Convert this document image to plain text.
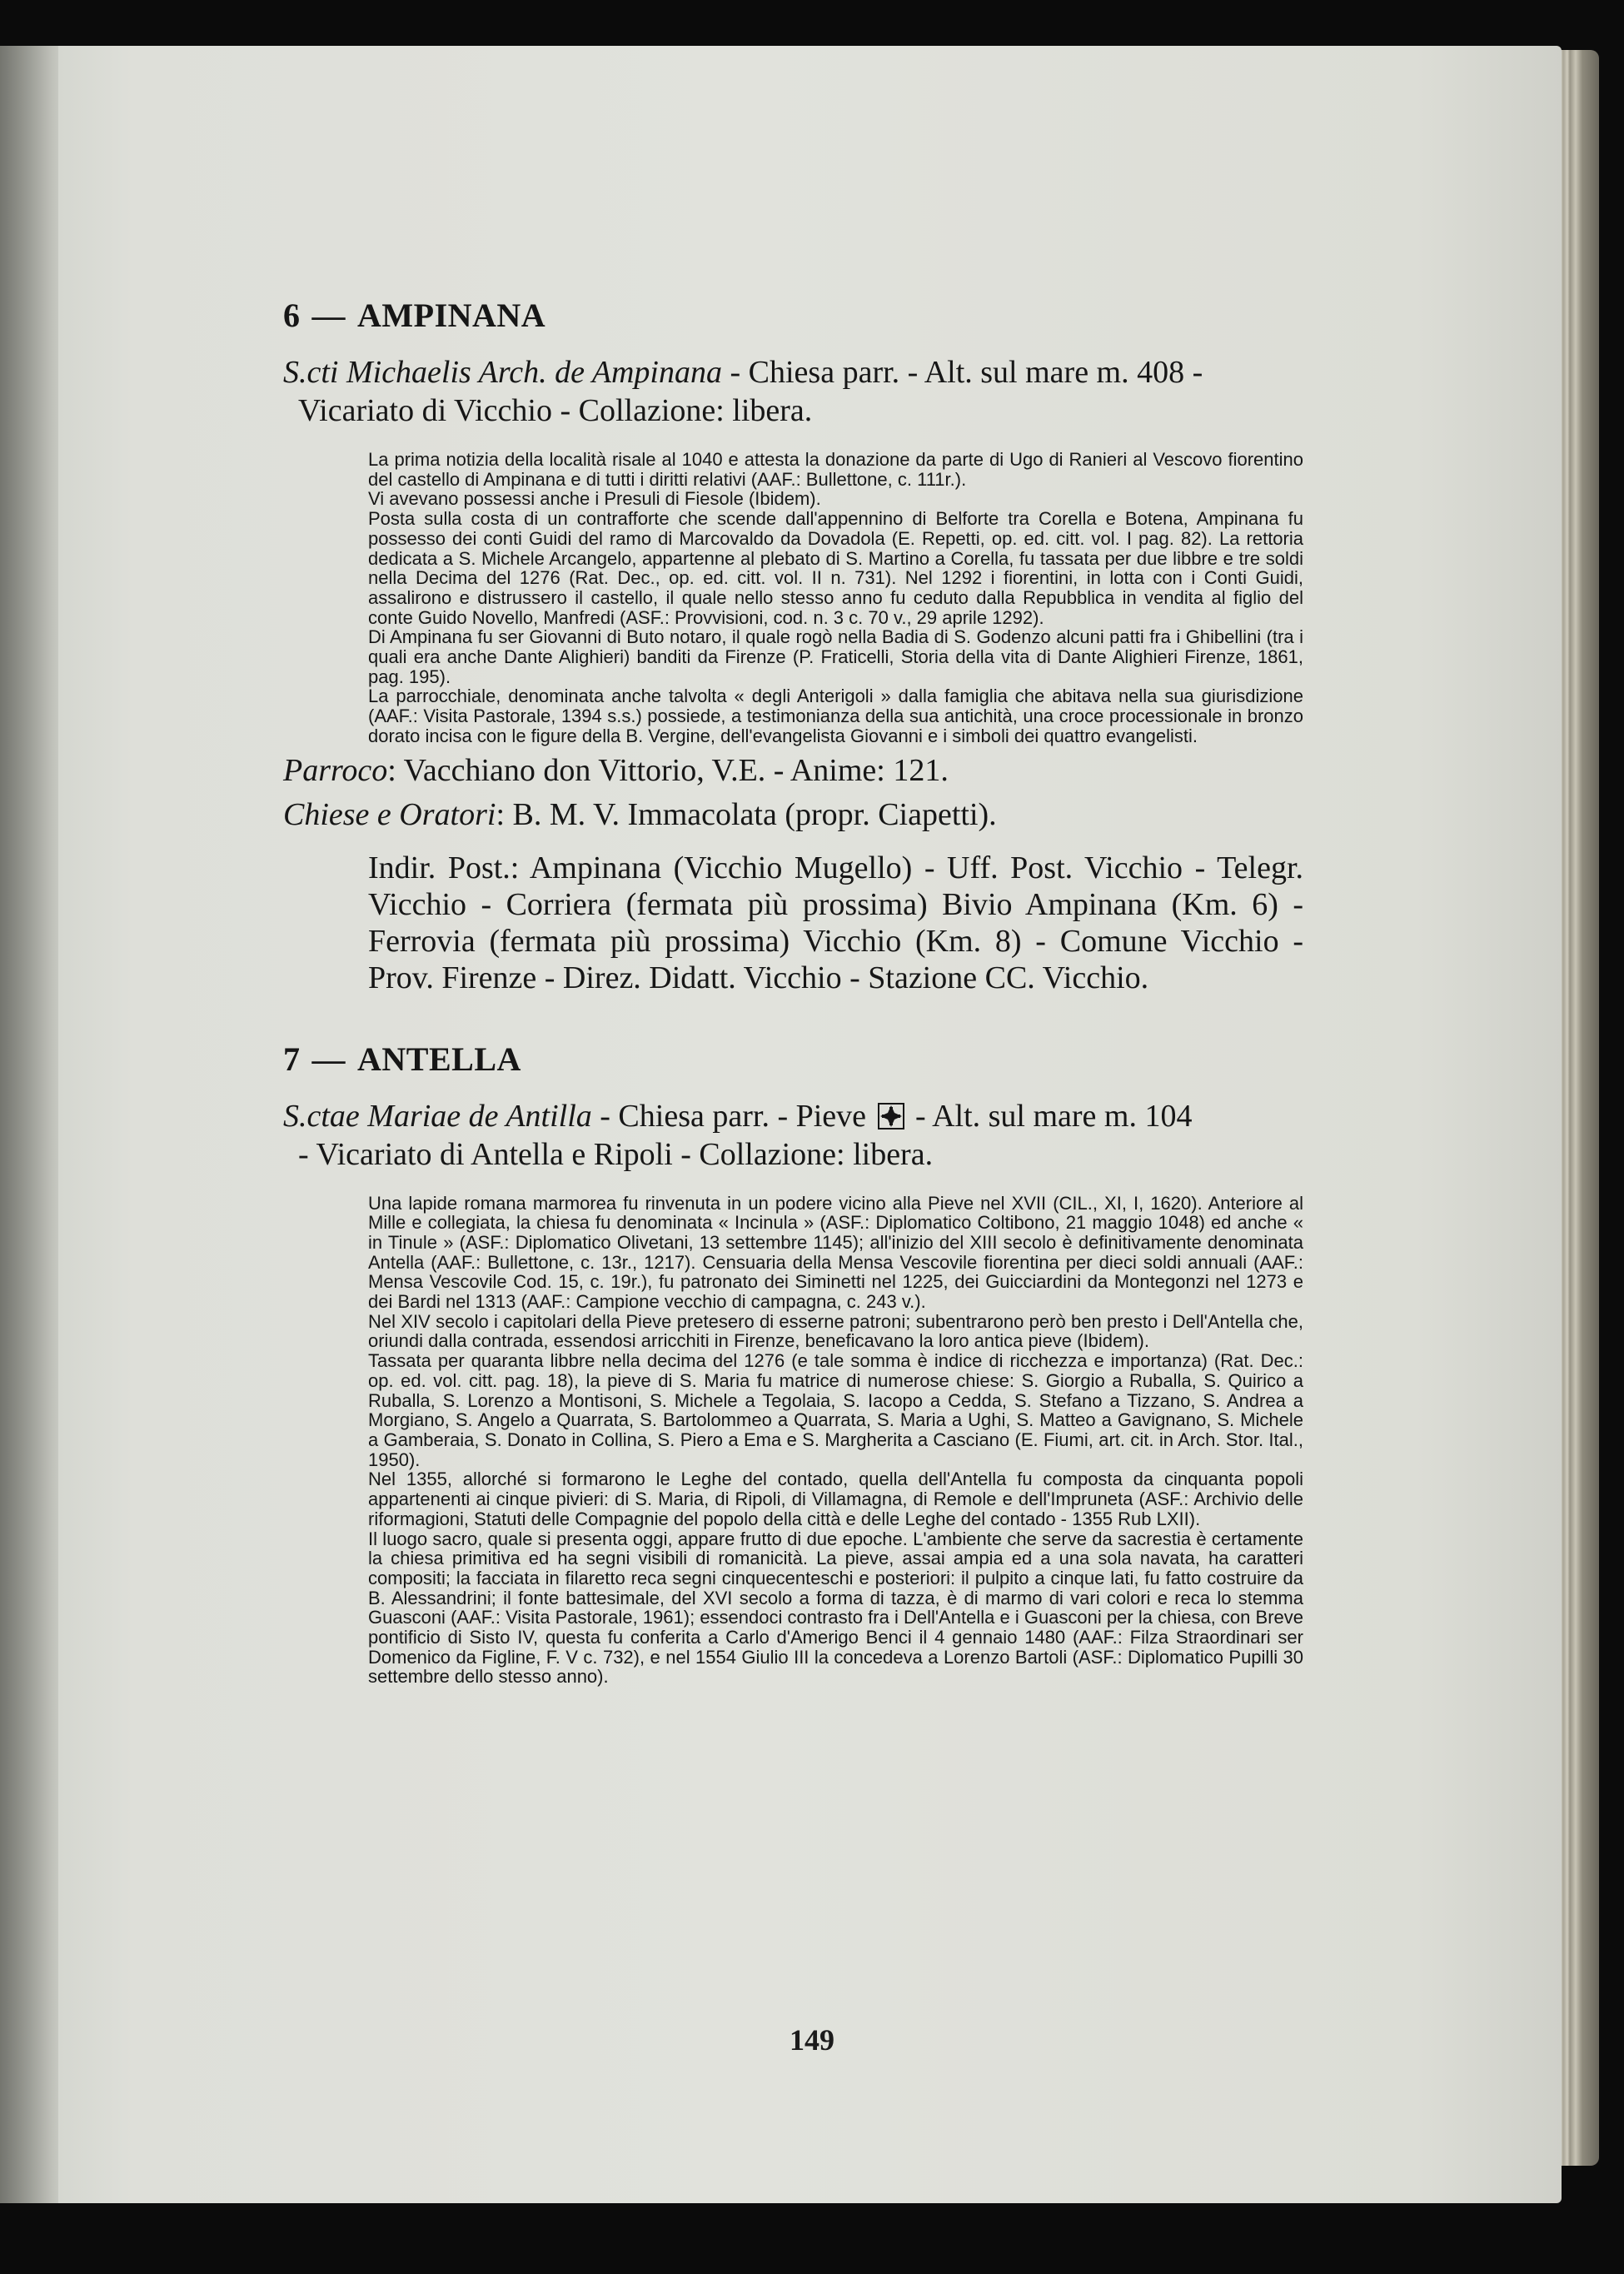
6 — AMPINANA
S.cti Michaelis Arch. de Ampinana - Chiesa parr. - Alt. sul mare m. 408 -
Vicariato di Vicchio - Collazione: libera.

La prima notizia della località risale al 1040 e attesta la donazione da parte di Ugo di Ranieri al Vescovo fiorentino del castello di Ampinana e di tutti i diritti relativi (AAF.: Bullettone, c. 111r.).

Vi avevano possessi anche i Presuli di Fiesole (Ibidem).

Posta sulla costa di un contrafforte che scende dall'appennino di Belforte tra Corella e Botena, Ampinana fu possesso dei conti Guidi del ramo di Marcovaldo da Dovadola (E. Repetti, op. ed. citt. vol. I pag. 82). La rettoria dedicata a S. Michele Arcangelo, appartenne al plebato di S. Martino a Corella, fu tassata per due libbre e tre soldi nella Decima del 1276 (Rat. Dec., op. ed. citt. vol. II n. 731). Nel 1292 i fiorentini, in lotta con i Conti Guidi, assalirono e distrussero il castello, il quale nello stesso anno fu ceduto dalla Repubblica in vendita al figlio del conte Guido Novello, Manfredi (ASF.: Provvisioni, cod. n. 3 c. 70 v., 29 aprile 1292).

Di Ampinana fu ser Giovanni di Buto notaro, il quale rogò nella Badia di S. Godenzo alcuni patti fra i Ghibellini (tra i quali era anche Dante Alighieri) banditi da Firenze (P. Fraticelli, Storia della vita di Dante Alighieri Firenze, 1861, pag. 195).

La parrocchiale, denominata anche talvolta « degli Anterigoli » dalla famiglia che abitava nella sua giurisdizione (AAF.: Visita Pastorale, 1394 s.s.) possiede, a testimonianza della sua antichità, una croce processionale in bronzo dorato incisa con le figure della B. Vergine, dell'evangelista Giovanni e i simboli dei quattro evangelisti.

Parroco: Vacchiano don Vittorio, V.E. - Anime: 121.
Chiese e Oratori: B. M. V. Immacolata (propr. Ciapetti).
Indir. Post.: Ampinana (Vicchio Mugello) - Uff. Post. Vicchio - Telegr. Vicchio - Corriera (fermata più prossima) Bivio Ampinana (Km. 6) - Ferrovia (fermata più prossima) Vicchio (Km. 8) - Comune Vicchio - Prov. Firenze - Direz. Didatt. Vicchio - Stazione CC. Vicchio.
7 — ANTELLA
S.ctae Mariae de Antilla - Chiesa parr. - Pieve  - Alt. sul mare m. 104
- Vicariato di Antella e Ripoli - Collazione: libera.

Una lapide romana marmorea fu rinvenuta in un podere vicino alla Pieve nel XVII (CIL., XI, I, 1620). Anteriore al Mille e collegiata, la chiesa fu denominata « Incinula » (ASF.: Diplomatico Coltibono, 21 maggio 1048) ed anche « in Tinule » (ASF.: Diplomatico Olivetani, 13 settembre 1145); all'inizio del XIII secolo è definitivamente denominata Antella (AAF.: Bullettone, c. 13r., 1217). Censuaria della Mensa Vescovile fiorentina per dieci soldi annuali (AAF.: Mensa Vescovile Cod. 15, c. 19r.), fu patronato dei Siminetti nel 1225, dei Guicciardini da Montegonzi nel 1273 e dei Bardi nel 1313 (AAF.: Campione vecchio di campagna, c. 243 v.).

Nel XIV secolo i capitolari della Pieve pretesero di esserne patroni; subentrarono però ben presto i Dell'Antella che, oriundi dalla contrada, essendosi arricchiti in Firenze, beneficavano la loro antica pieve (Ibidem).

Tassata per quaranta libbre nella decima del 1276 (e tale somma è indice di ricchezza e importanza) (Rat. Dec.: op. ed. vol. citt. pag. 18), la pieve di S. Maria fu matrice di numerose chiese: S. Giorgio a Ruballa, S. Quirico a Ruballa, S. Lorenzo a Montisoni, S. Michele a Tegolaia, S. Iacopo a Cedda, S. Stefano a Tizzano, S. Andrea a Morgiano, S. Angelo a Quarrata, S. Bartolommeo a Quarrata, S. Maria a Ughi, S. Matteo a Gavignano, S. Michele a Gamberaia, S. Donato in Collina, S. Piero a Ema e S. Margherita a Casciano (E. Fiumi, art. cit. in Arch. Stor. Ital., 1950).

Nel 1355, allorché si formarono le Leghe del contado, quella dell'Antella fu composta da cinquanta popoli appartenenti ai cinque pivieri: di S. Maria, di Ripoli, di Villamagna, di Remole e dell'Impruneta (ASF.: Archivio delle riformagioni, Statuti delle Compagnie del popolo della città e delle Leghe del contado - 1355 Rub LXII).

Il luogo sacro, quale si presenta oggi, appare frutto di due epoche. L'ambiente che serve da sacrestia è certamente la chiesa primitiva ed ha segni visibili di romanicità. La pieve, assai ampia ed a una sola navata, ha caratteri compositi; la facciata in filaretto reca segni cinquecenteschi e posteriori: il pulpito a cinque lati, fu fatto costruire da B. Alessandrini; il fonte battesimale, del XVI secolo a forma di tazza, è di marmo di vari colori e reca lo stemma Guasconi (AAF.: Visita Pastorale, 1961); essendoci contrasto fra i Dell'Antella e i Guasconi per la chiesa, con Breve pontificio di Sisto IV, questa fu conferita a Carlo d'Amerigo Benci il 4 gennaio 1480 (AAF.: Filza Straordinari ser Domenico da Figline, F. V c. 732), e nel 1554 Giulio III la concedeva a Lorenzo Bartoli (ASF.: Diplomatico Pupilli 30 settembre dello stesso anno).

149
